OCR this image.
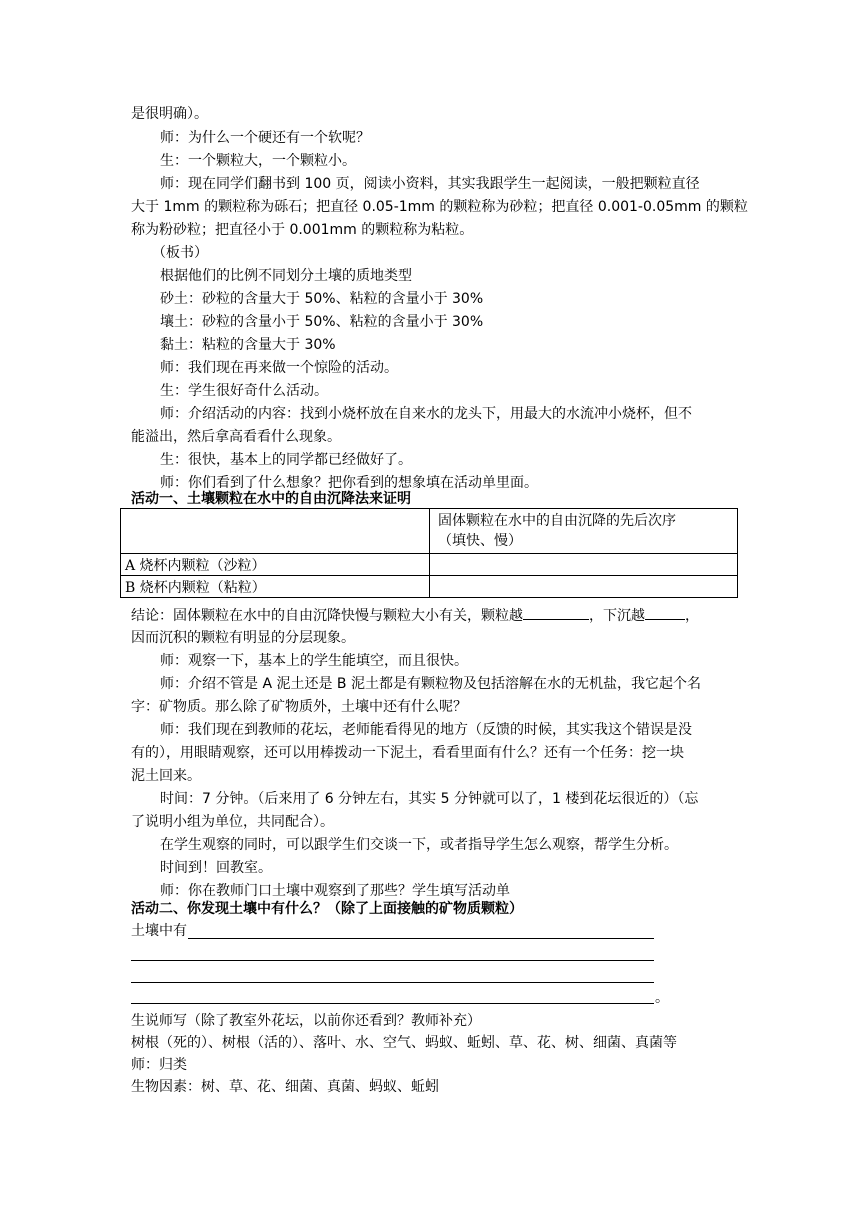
是很明确）。
师：为什么一个硬还有一个软呢？
生：一个颗粒大，一个颗粒小。
师：现在同学们翻书到 100 页，阅读小资料，其实我跟学生一起阅读，一般把颗粒直径
大于 1mm 的颗粒称为砾石；把直径 0.05-1mm 的颗粒称为砂粒；把直径 0.001-0.05mm 的颗粒
称为粉砂粒；把直径小于 0.001mm 的颗粒称为粘粒。
（板书）
根据他们的比例不同划分土壤的质地类型
砂土：砂粒的含量大于 50%、粘粒的含量小于 30%
壤土：砂粒的含量小于 50%、粘粒的含量小于 30%
黏土：粘粒的含量大于 30%
师：我们现在再来做一个惊险的活动。
生：学生很好奇什么活动。
师：介绍活动的内容：找到小烧杯放在自来水的龙头下，用最大的水流冲小烧杯，但不
能溢出，然后拿高看看什么现象。
生：很快，基本上的同学都已经做好了。
师：你们看到了什么想象？把你看到的想象填在活动单里面。
活动一、土壤颗粒在水中的自由沉降法来证明

	固体颗粒在水中的自由沉降的先后次序
（填快、慢）

A 烧杯内颗粒（沙粒）	
B 烧杯内颗粒（粘粒）	
结论：固体颗粒在水中的自由沉降快慢与颗粒大小有关，颗粒越	，下沉越	，
因而沉积的颗粒有明显的分层现象。
师：观察一下，基本上的学生能填空，而且很快。
师：介绍不管是 A 泥土还是 B 泥土都是有颗粒物及包括溶解在水的无机盐，我它起个名
字：矿物质。那么除了矿物质外，土壤中还有什么呢？
师：我们现在到教师的花坛，老师能看得见的地方（反馈的时候，其实我这个错误是没
有的），用眼睛观察，还可以用棒拨动一下泥土，看看里面有什么？还有一个任务：挖一块
泥土回来。
时间：7 分钟。（后来用了 6 分钟左右，其实 5 分钟就可以了，1 楼到花坛很近的）（忘
了说明小组为单位，共同配合）。
在学生观察的同时，可以跟学生们交谈一下，或者指导学生怎么观察，帮学生分析。
时间到！回教室。
师：你在教师门口土壤中观察到了那些？学生填写活动单
活动二、你发现土壤中有什么？（除了上面接触的矿物质颗粒）
土壤中有
。
生说师写（除了教室外花坛，以前你还看到？教师补充）
树根（死的）、树根（活的）、落叶、水、空气、蚂蚁、蚯蚓、草、花、树、细菌、真菌等
师：归类
生物因素：树、草、花、细菌、真菌、蚂蚁、蚯蚓
